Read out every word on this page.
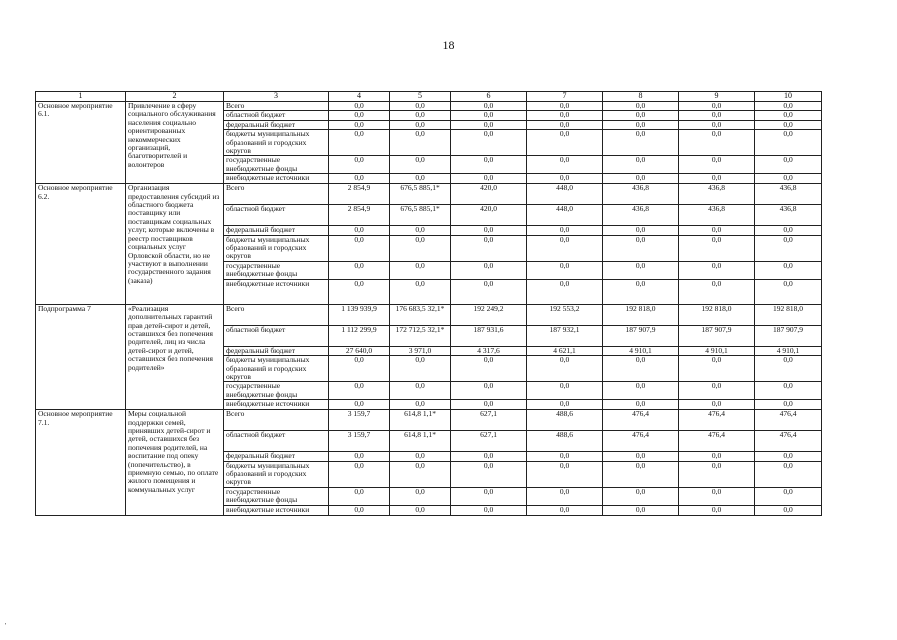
18
1	2	3	4	5	6	7	8	9	10
Основное мероприятие 6.1.	Привлечение в сферу социального обслуживания населения социально ориентированных некоммерческих организаций, благотворителей и волонтеров	Всего	0,0	0,0	0,0	0,0	0,0	0,0	0,0
		областной бюджет	0,0	0,0	0,0	0,0	0,0	0,0	0,0
		федеральный бюджет	0,0	0,0	0,0	0,0	0,0	0,0	0,0
		бюджеты муниципальных образований и городских округов	0,0	0,0	0,0	0,0	0,0	0,0	0,0
		государственные внебюджетные фонды	0,0	0,0	0,0	0,0	0,0	0,0	0,0
		внебюджетные источники	0,0	0,0	0,0	0,0	0,0	0,0	0,0
Основное мероприятие 6.2.	Организация предоставления субсидий из областного бюджета поставщику или поставщикам социальных услуг, которые включены в реестр поставщиков социальных услуг Орловской области, но не участвуют в выполнении государственного задания (заказа)	Всего	2 854,9	676,5 885,1*	420,0	448,0	436,8	436,8	436,8
		областной бюджет	2 854,9	676,5 885,1*	420,0	448,0	436,8	436,8	436,8
		федеральный бюджет	0,0	0,0	0,0	0,0	0,0	0,0	0,0
		бюджеты муниципальных образований и городских округов	0,0	0,0	0,0	0,0	0,0	0,0	0,0
		государственные внебюджетные фонды	0,0	0,0	0,0	0,0	0,0	0,0	0,0
		внебюджетные источники	0,0	0,0	0,0	0,0	0,0	0,0	0,0
Подпрограмма 7	«Реализация дополнительных гарантий прав детей-сирот и детей, оставшихся без попечения родителей, лиц из числа детей-сирот и детей, оставшихся без попечения родителей»	Всего	1 139 939,9	176 683,5 32,1*	192 249,2	192 553,2	192 818,0	192 818,0	192 818,0
		областной бюджет	1 112 299,9	172 712,5 32,1*	187 931,6	187 932,1	187 907,9	187 907,9	187 907,9
		федеральный бюджет	27 640,0	3 971,0	4 317,6	4 621,1	4 910,1	4 910,1	4 910,1
		бюджеты муниципальных образований и городских округов	0,0	0,0	0,0	0,0	0,0	0,0	0,0
		государственные внебюджетные фонды	0,0	0,0	0,0	0,0	0,0	0,0	0,0
		внебюджетные источники	0,0	0,0	0,0	0,0	0,0	0,0	0,0
Основное мероприятие 7.1.	Меры социальной поддержки семей, принявших детей-сирот и детей, оставшихся без попечения родителей, на воспитание под опеку (попечительство), в приемную семью, по оплате жилого помещения и коммунальных услуг	Всего	3 159,7	614,8 1,1*	627,1	488,6	476,4	476,4	476,4
		областной бюджет	3 159,7	614,8 1,1*	627,1	488,6	476,4	476,4	476,4
		федеральный бюджет	0,0	0,0	0,0	0,0	0,0	0,0	0,0
		бюджеты муниципальных образований и городских округов	0,0	0,0	0,0	0,0	0,0	0,0	0,0
		государственные внебюджетные фонды	0,0	0,0	0,0	0,0	0,0	0,0	0,0
		внебюджетные источники	0,0	0,0	0,0	0,0	0,0	0,0	0,0
'
